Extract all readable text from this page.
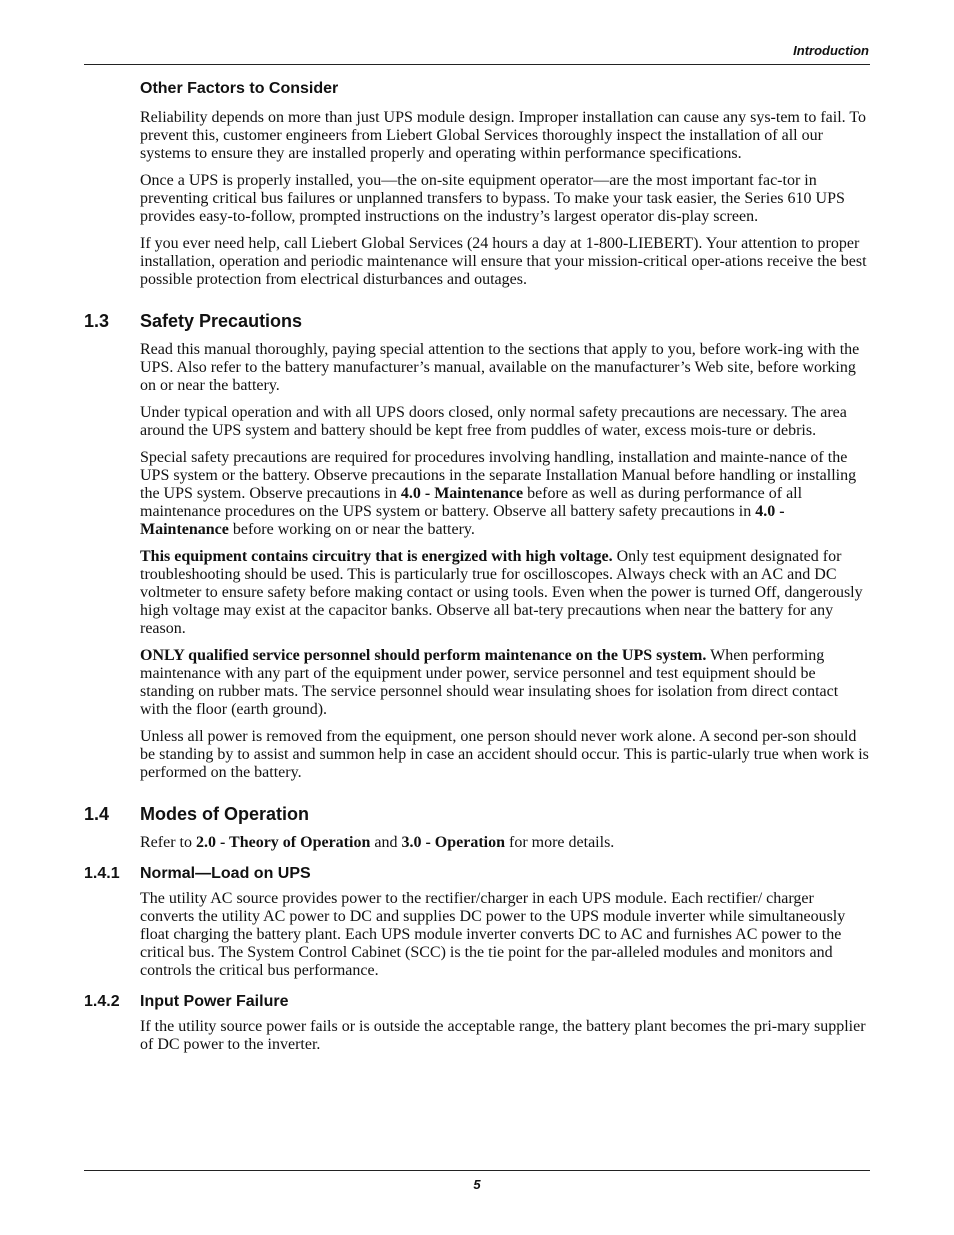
Introduction
Other Factors to Consider

Reliability depends on more than just UPS module design. Improper installation can cause any sys-tem to fail. To prevent this, customer engineers from Liebert Global Services thoroughly inspect the installation of all our systems to ensure they are installed properly and operating within performance specifications.

Once a UPS is properly installed, you—the on-site equipment operator—are the most important fac-tor in preventing critical bus failures or unplanned transfers to bypass. To make your task easier, the Series 610 UPS provides easy-to-follow, prompted instructions on the industry’s largest operator dis-play screen.

If you ever need help, call Liebert Global Services (24 hours a day at 1-800-LIEBERT). Your attention to proper installation, operation and periodic maintenance will ensure that your mission-critical oper-ations receive the best possible protection from electrical disturbances and outages.

1.3	Safety Precautions

Read this manual thoroughly, paying special attention to the sections that apply to you, before work-ing with the UPS. Also refer to the battery manufacturer’s manual, available on the manufacturer’s Web site, before working on or near the battery.

Under typical operation and with all UPS doors closed, only normal safety precautions are necessary. The area around the UPS system and battery should be kept free from puddles of water, excess mois-ture or debris.

Special safety precautions are required for procedures involving handling, installation and mainte-nance of the UPS system or the battery. Observe precautions in the separate Installation Manual before handling or installing the UPS system. Observe precautions in 4.0 - Maintenance before as well as during performance of all maintenance procedures on the UPS system or battery. Observe all battery safety precautions in 4.0 - Maintenance before working on or near the battery.

This equipment contains circuitry that is energized with high voltage. Only test equipment designated for troubleshooting should be used. This is particularly true for oscilloscopes. Always check with an AC and DC voltmeter to ensure safety before making contact or using tools. Even when the power is turned Off, dangerously high voltage may exist at the capacitor banks. Observe all bat-tery precautions when near the battery for any reason.

ONLY qualified service personnel should perform maintenance on the UPS system. When performing maintenance with any part of the equipment under power, service personnel and test equipment should be standing on rubber mats. The service personnel should wear insulating shoes for isolation from direct contact with the floor (earth ground).

Unless all power is removed from the equipment, one person should never work alone. A second per-son should be standing by to assist and summon help in case an accident should occur. This is partic-ularly true when work is performed on the battery.

1.4	Modes of Operation

Refer to 2.0 - Theory of Operation and 3.0 - Operation for more details.

1.4.1	Normal—Load on UPS

The utility AC source provides power to the rectifier/charger in each UPS module. Each rectifier/ charger converts the utility AC power to DC and supplies DC power to the UPS module inverter while simultaneously float charging the battery plant. Each UPS module inverter converts DC to AC and furnishes AC power to the critical bus. The System Control Cabinet (SCC) is the tie point for the par-alleled modules and monitors and controls the critical bus performance.

1.4.2	Input Power Failure

If the utility source power fails or is outside the acceptable range, the battery plant becomes the pri-mary supplier of DC power to the inverter.

5
